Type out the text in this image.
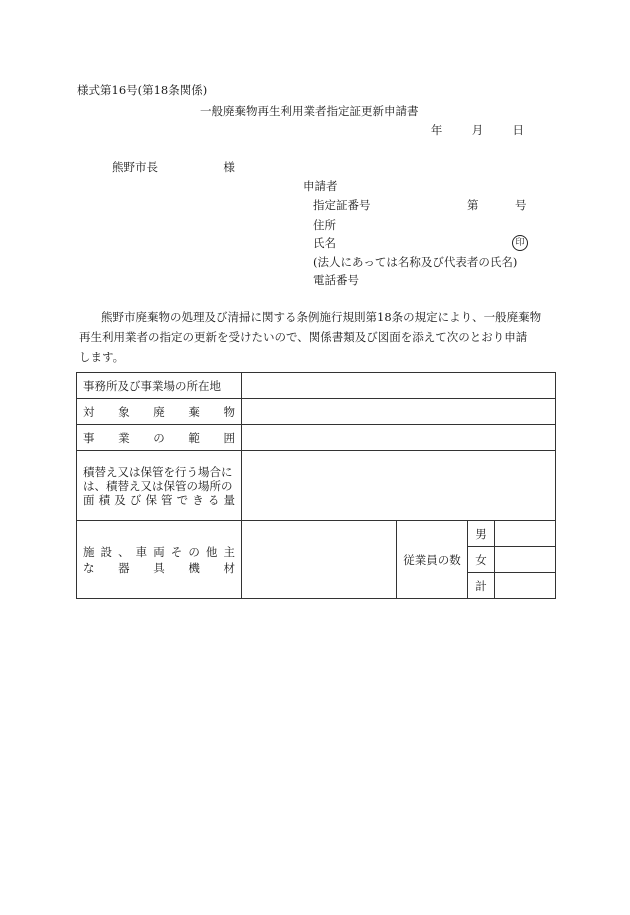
様式第16号(第18条関係)
一般廃棄物再生利用業者指定証更新申請書
年	月	日
熊野市長	様
申請者
指定証番号	第	号
住所
氏名	印
(法人にあっては名称及び代表者の氏名)
電話番号

熊野市廃棄物の処理及び清掃に関する条例施行規則第18条の規定により、一般廃棄物

再生利用業者の指定の更新を受けたいので、関係書類及び図面を添えて次のとおり申請

します。

事務所及び事業場の所在地				
対象廃棄物				
事業の範囲				

積替え又は保管を行う場合に
は、積替え又は保管の場所の
面積及び保管できる量				

施設、車両その他主
な器具機材		従業員の数	男	
			女	
			計	
